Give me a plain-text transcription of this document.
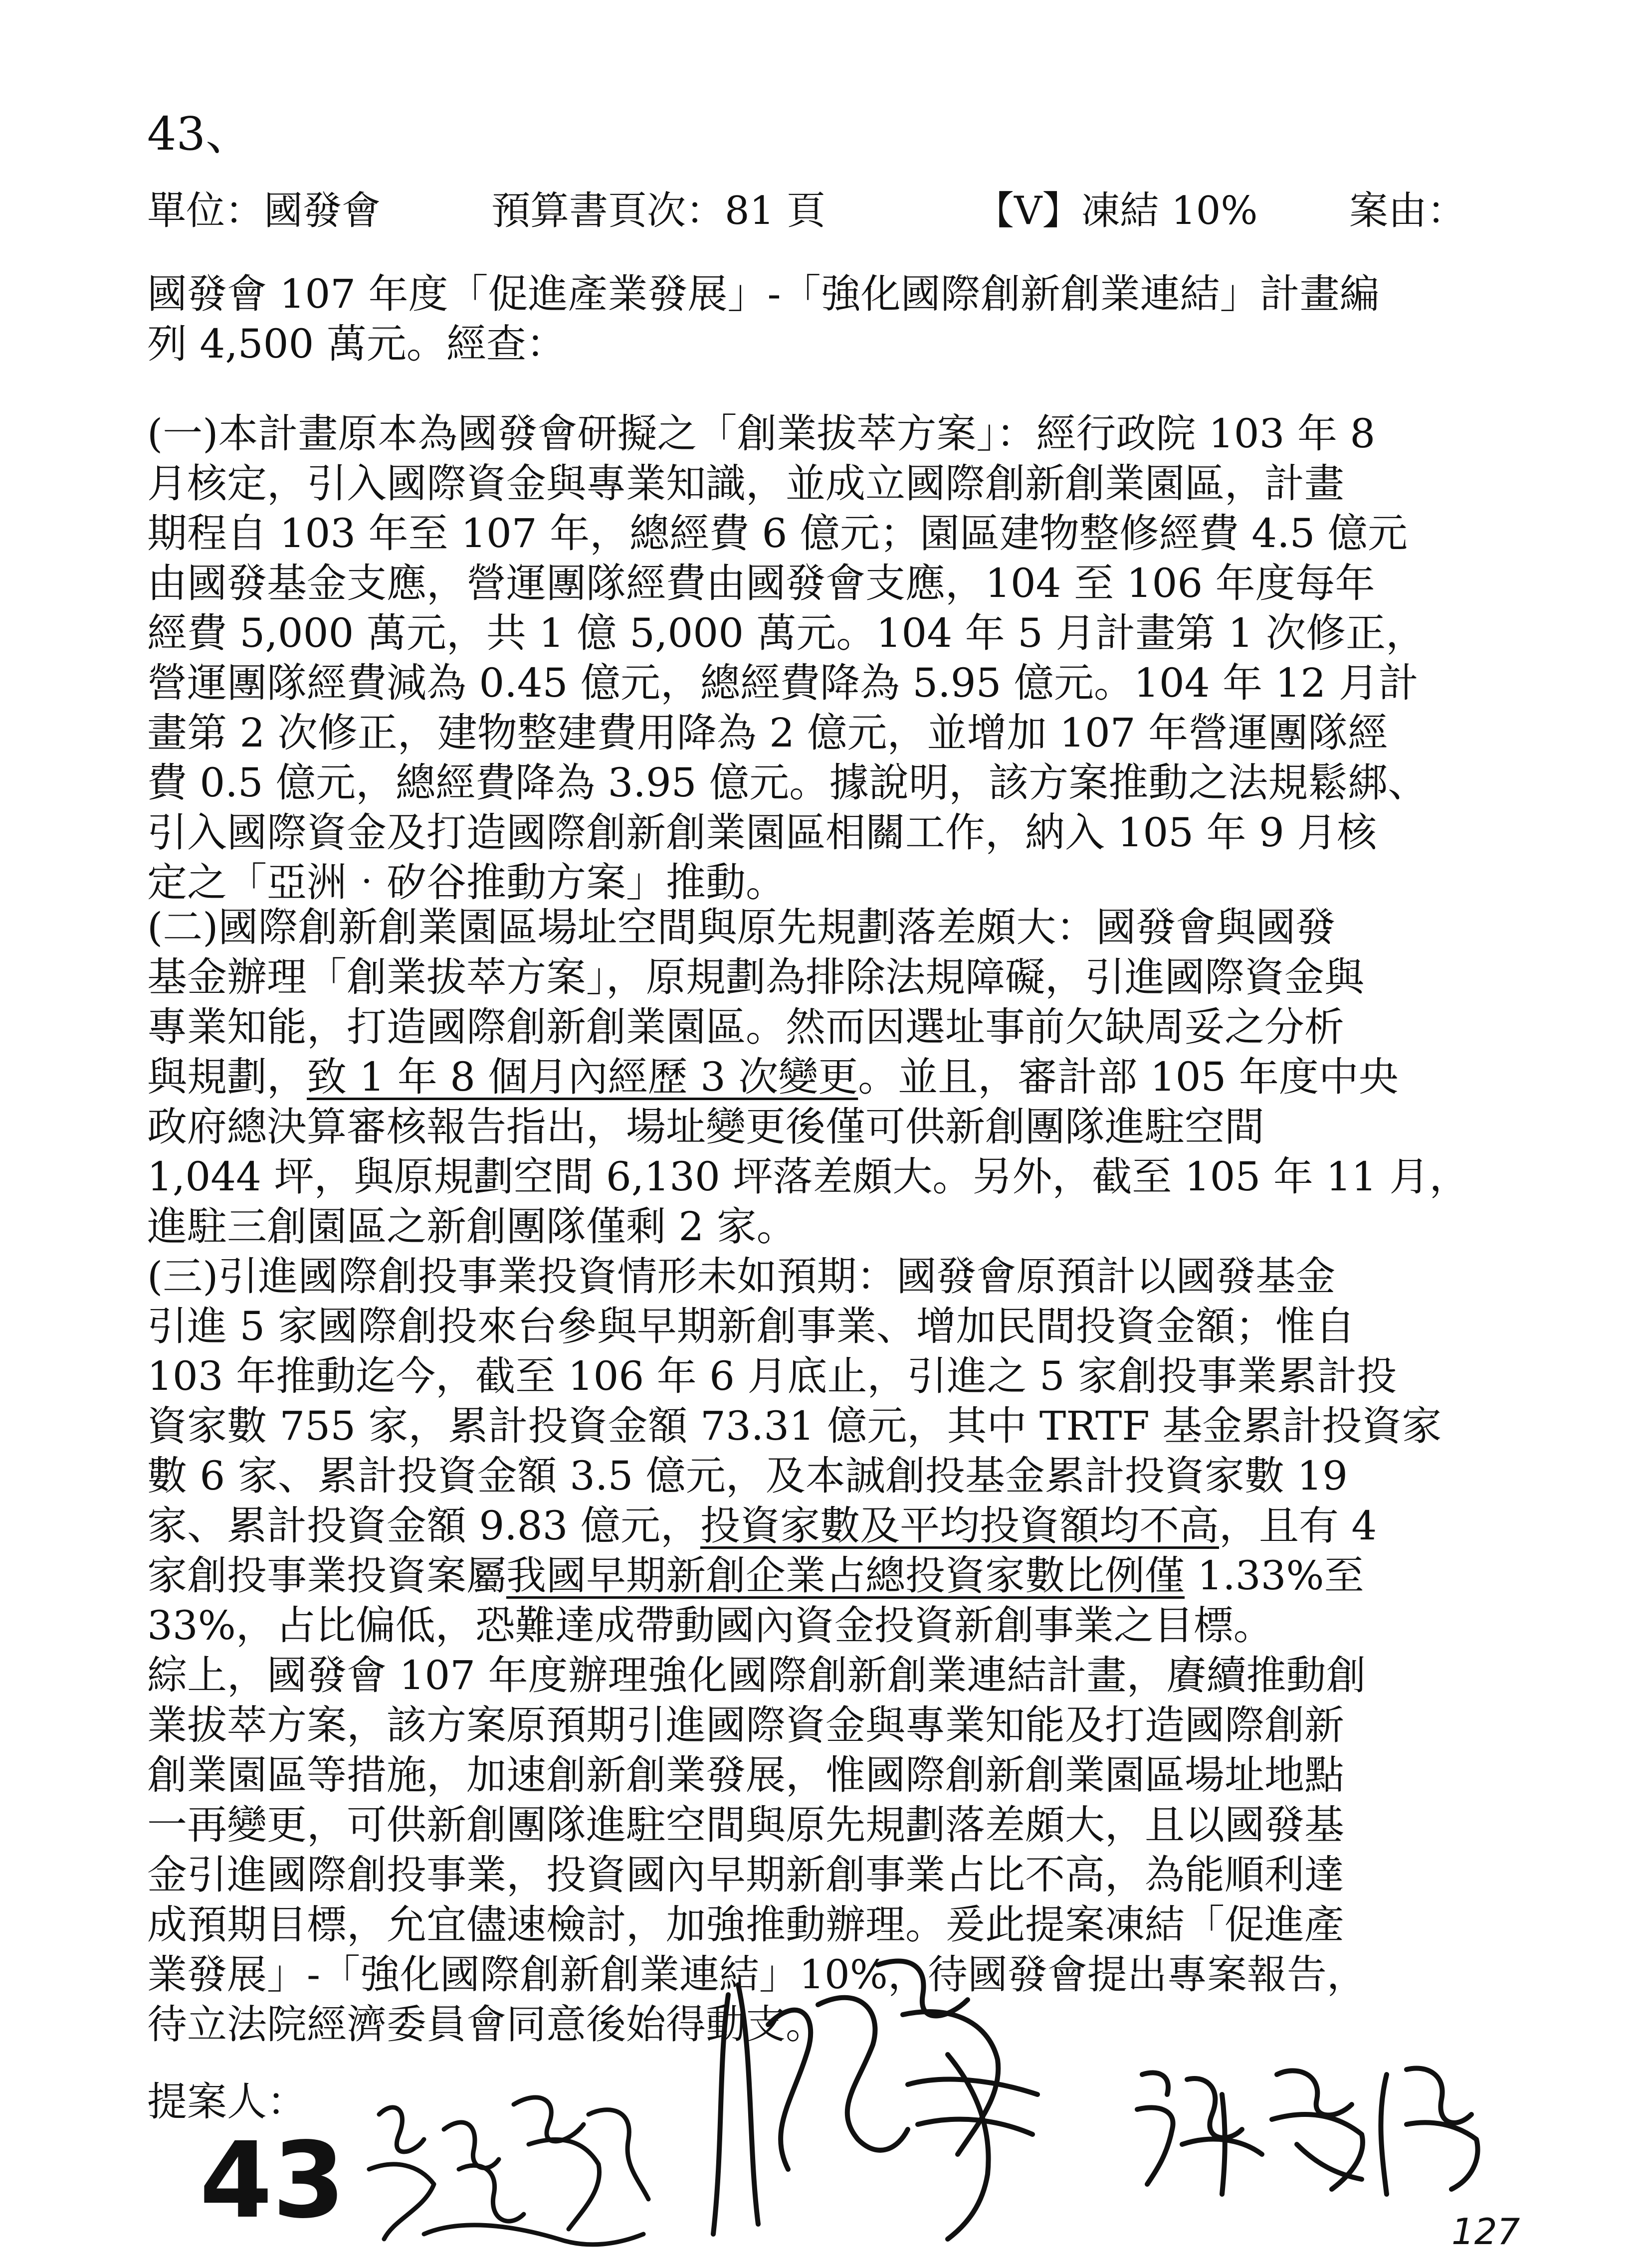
43、
單位：國發會	預算書頁次：81 頁	【V】凍結 10% 案由：
國發會 107 年度「促進產業發展」-「強化國際創新創業連結」計畫編
列 4,500 萬元。經查：
(一)本計畫原本為國發會研擬之「創業拔萃方案」：經行政院 103 年 8
月核定，引入國際資金與專業知識，並成立國際創新創業園區，計畫
期程自 103 年至 107 年，總經費 6 億元；園區建物整修經費 4.5 億元
由國發基金支應，營運團隊經費由國發會支應，104 至 106 年度每年
經費 5,000 萬元，共 1 億 5,000 萬元。104 年 5 月計畫第 1 次修正，
營運團隊經費減為 0.45 億元，總經費降為 5.95 億元。104 年 12 月計
畫第 2 次修正，建物整建費用降為 2 億元，並增加 107 年營運團隊經
費 0.5 億元，總經費降為 3.95 億元。據說明，該方案推動之法規鬆綁、
引入國際資金及打造國際創新創業園區相關工作，納入 105 年 9 月核
定之「亞洲‧矽谷推動方案」推動。
(二)國際創新創業園區場址空間與原先規劃落差頗大：國發會與國發
基金辦理「創業拔萃方案」，原規劃為排除法規障礙，引進國際資金與
專業知能，打造國際創新創業園區。然而因選址事前欠缺周妥之分析
與規劃，致 1 年 8 個月內經歷 3 次變更。並且，審計部 105 年度中央
政府總決算審核報告指出，場址變更後僅可供新創團隊進駐空間
1,044 坪，與原規劃空間 6,130 坪落差頗大。另外，截至 105 年 11 月，
進駐三創園區之新創團隊僅剩 2 家。
(三)引進國際創投事業投資情形未如預期：國發會原預計以國發基金
引進 5 家國際創投來台參與早期新創事業、增加民間投資金額；惟自
103 年推動迄今，截至 106 年 6 月底止，引進之 5 家創投事業累計投
資家數 755 家，累計投資金額 73.31 億元，其中 TRTF 基金累計投資家
數 6 家、累計投資金額 3.5 億元，及本誠創投基金累計投資家數 19
家、累計投資金額 9.83 億元，投資家數及平均投資額均不高，且有 4
家創投事業投資案屬我國早期新創企業占總投資家數比例僅 1.33%至
33%，占比偏低，恐難達成帶動國內資金投資新創事業之目標。
綜上，國發會 107 年度辦理強化國際創新創業連結計畫，賡續推動創
業拔萃方案，該方案原預期引進國際資金與專業知能及打造國際創新
創業園區等措施，加速創新創業發展，惟國際創新創業園區場址地點
一再變更，可供新創團隊進駐空間與原先規劃落差頗大，且以國發基
金引進國際創投事業，投資國內早期新創事業占比不高，為能順利達
成預期目標，允宜儘速檢討，加強推動辦理。爰此提案凍結「促進產
業發展」-「強化國際創新創業連結」10%，待國發會提出專案報告，
待立法院經濟委員會同意後始得動支。
提案人：
43	127
